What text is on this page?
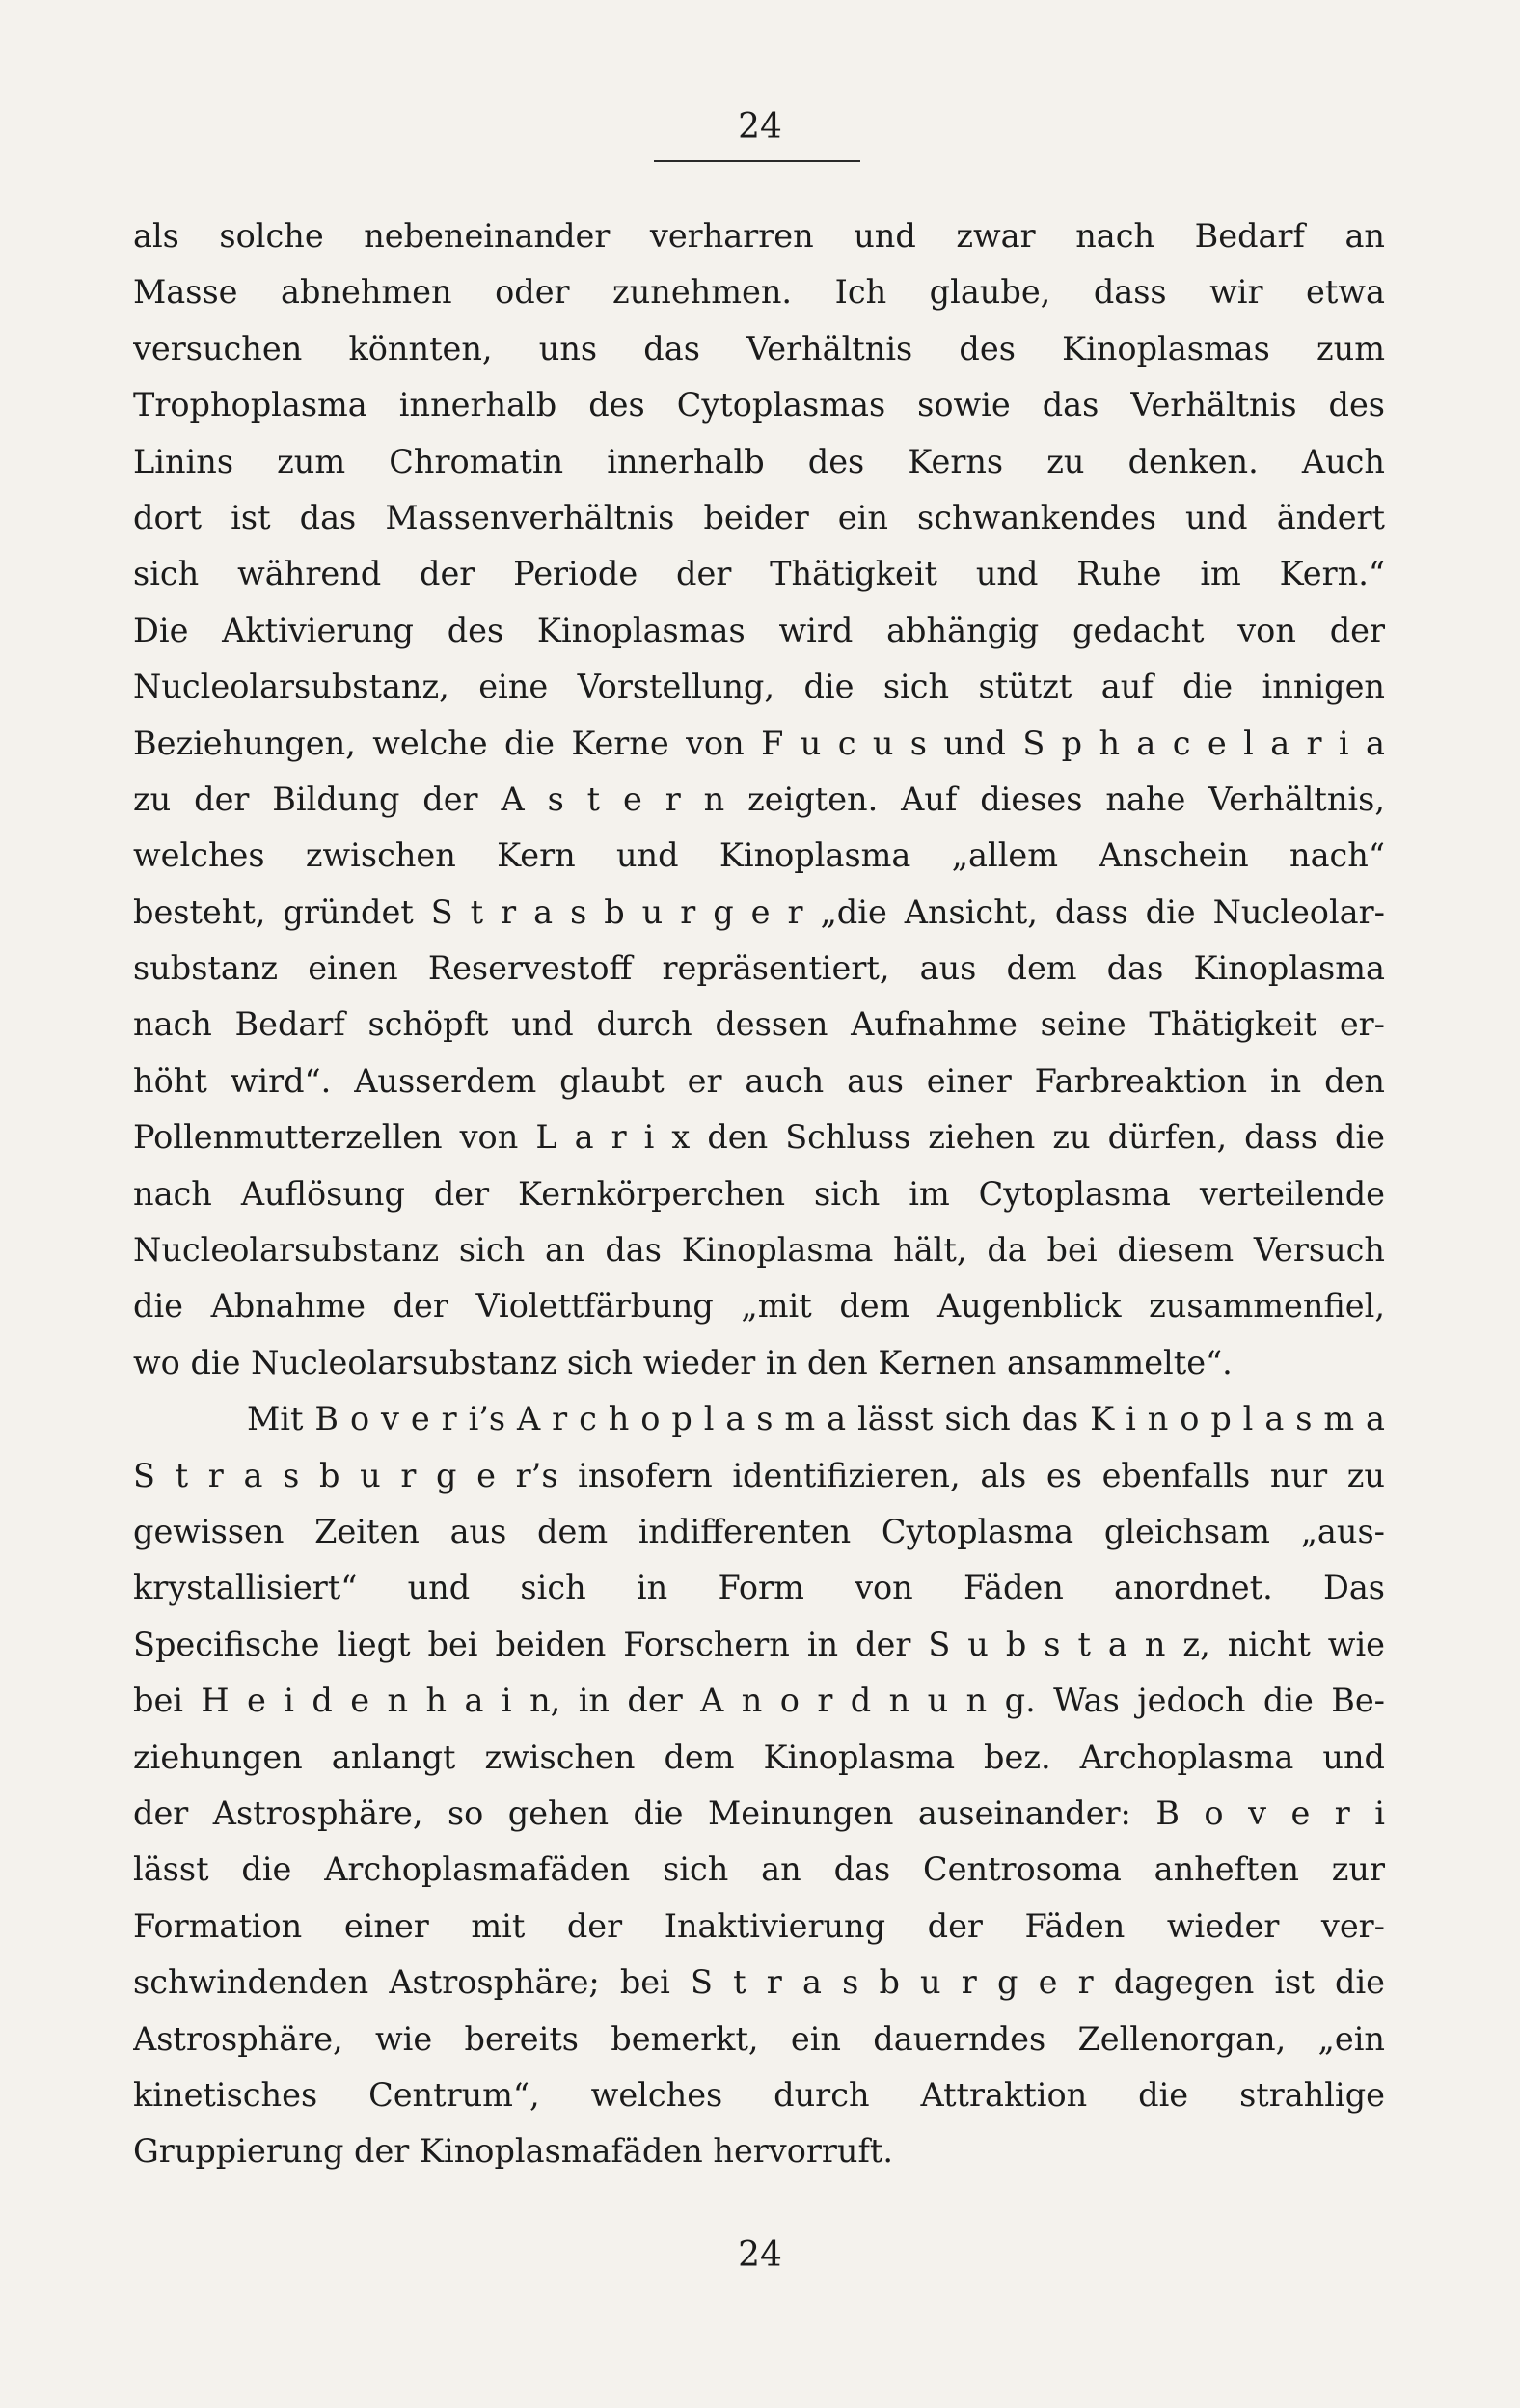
24
als solche nebeneinander verharren und zwar nach Bedarf an
Masse abnehmen oder zunehmen. Ich glaube, dass wir etwa
versuchen könnten, uns das Verhältnis des Kinoplasmas zum
Trophoplasma innerhalb des Cytoplasmas sowie das Verhältnis des
Linins zum Chromatin innerhalb des Kerns zu denken. Auch
dort ist das Massenverhältnis beider ein schwankendes und ändert
sich während der Periode der Thätigkeit und Ruhe im Kern.“
Die Aktivierung des Kinoplasmas wird abhängig gedacht von der
Nucleolarsubstanz, eine Vorstellung, die sich stützt auf die innigen
Beziehungen, welche die Kerne von F u c u s und S p h a c e l a r i a
zu der Bildung der A s t e r n zeigten. Auf dieses nahe Verhältnis,
welches zwischen Kern und Kinoplasma „allem Anschein nach“
besteht, gründet S t r a s b u r g e r „die Ansicht, dass die Nucleolar-
substanz einen Reservestoff repräsentiert, aus dem das Kinoplasma
nach Bedarf schöpft und durch dessen Aufnahme seine Thätigkeit er-
höht wird“. Ausserdem glaubt er auch aus einer Farbreaktion in den
Pollenmutterzellen von L a r i x den Schluss ziehen zu dürfen, dass die
nach Auflösung der Kernkörperchen sich im Cytoplasma verteilende
Nucleolarsubstanz sich an das Kinoplasma hält, da bei diesem Versuch
die Abnahme der Violettfärbung „mit dem Augenblick zusammenfiel,
wo die Nucleolarsubstanz sich wieder in den Kernen ansammelte“.
Mit B o v e r i’s A r c h o p l a s m a lässt sich das K i n o p l a s m a
S t r a s b u r g e r’s insofern identifizieren, als es ebenfalls nur zu
gewissen Zeiten aus dem indifferenten Cytoplasma gleichsam „aus-
krystallisiert“ und sich in Form von Fäden anordnet. Das
Specifische liegt bei beiden Forschern in der S u b s t a n z, nicht wie
bei H e i d e n h a i n, in der A n o r d n u n g. Was jedoch die Be-
ziehungen anlangt zwischen dem Kinoplasma bez. Archoplasma und
der Astrosphäre, so gehen die Meinungen auseinander: B o v e r i
lässt die Archoplasmafäden sich an das Centrosoma anheften zur
Formation einer mit der Inaktivierung der Fäden wieder ver-
schwindenden Astrosphäre; bei S t r a s b u r g e r dagegen ist die
Astrosphäre, wie bereits bemerkt, ein dauerndes Zellenorgan, „ein
kinetisches Centrum“, welches durch Attraktion die strahlige
Gruppierung der Kinoplasmafäden hervorruft.
24
